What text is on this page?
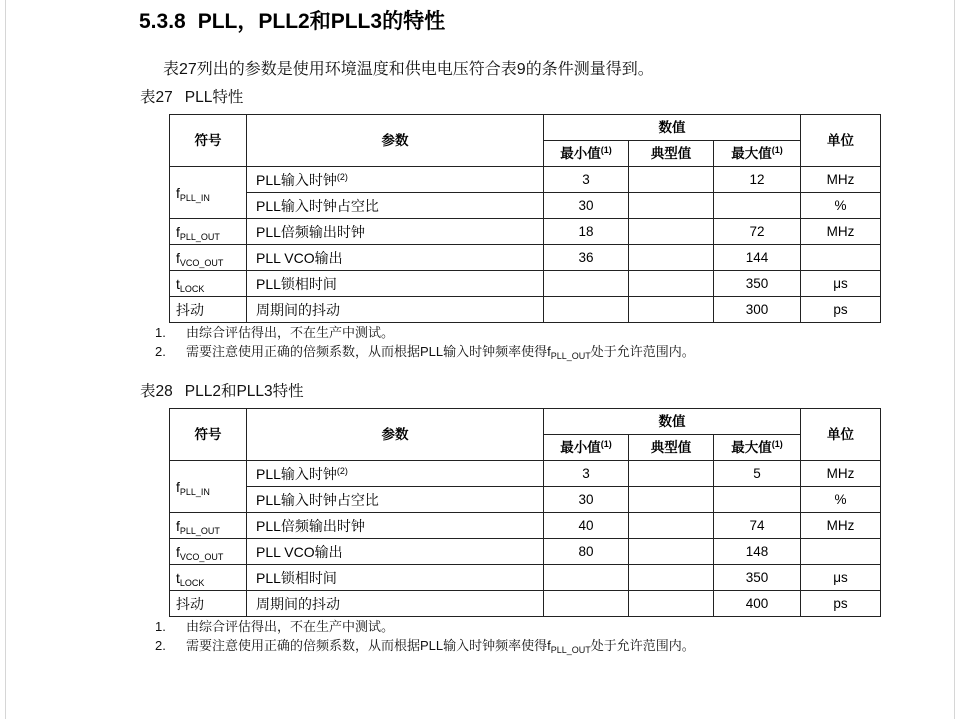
5.3.8 PLL，PLL2和PLL3的特性
表27列出的参数是使用环境温度和供电电压符合表9的条件测量得到。
表27 PLL特性
符号	参数	数值			单位
		最小值$^{(1)}$	典型值	最大值$^{(1)}$
$f_{PLL\_IN}$	PLL输入时钟$^{(2)}$	3		12	MHz
	PLL输入时钟占空比	30			%
$f_{PLL\_OUT}$	PLL倍频输出时钟	18		72	MHz
$f_{VCO\_OUT}$	PLL VCO输出	36		144	
$t_{LOCK}$	PLL锁相时间			350	μs
抖动	周期间的抖动			300	ps
1. 由综合评估得出，不在生产中测试。
2. 需要注意使用正确的倍频系数，从而根据PLL输入时钟频率使得$f_{PLL\_OUT}$处于允许范围内。
表28 PLL2和PLL3特性
符号	参数	数值			单位
		最小值$^{(1)}$	典型值	最大值$^{(1)}$
$f_{PLL\_IN}$	PLL输入时钟$^{(2)}$	3		5	MHz
	PLL输入时钟占空比	30			%
$f_{PLL\_OUT}$	PLL倍频输出时钟	40		74	MHz
$f_{VCO\_OUT}$	PLL VCO输出	80		148	
$t_{LOCK}$	PLL锁相时间			350	μs
抖动	周期间的抖动			400	ps
1. 由综合评估得出，不在生产中测试。
2. 需要注意使用正确的倍频系数，从而根据PLL输入时钟频率使得$f_{PLL\_OUT}$处于允许范围内。
